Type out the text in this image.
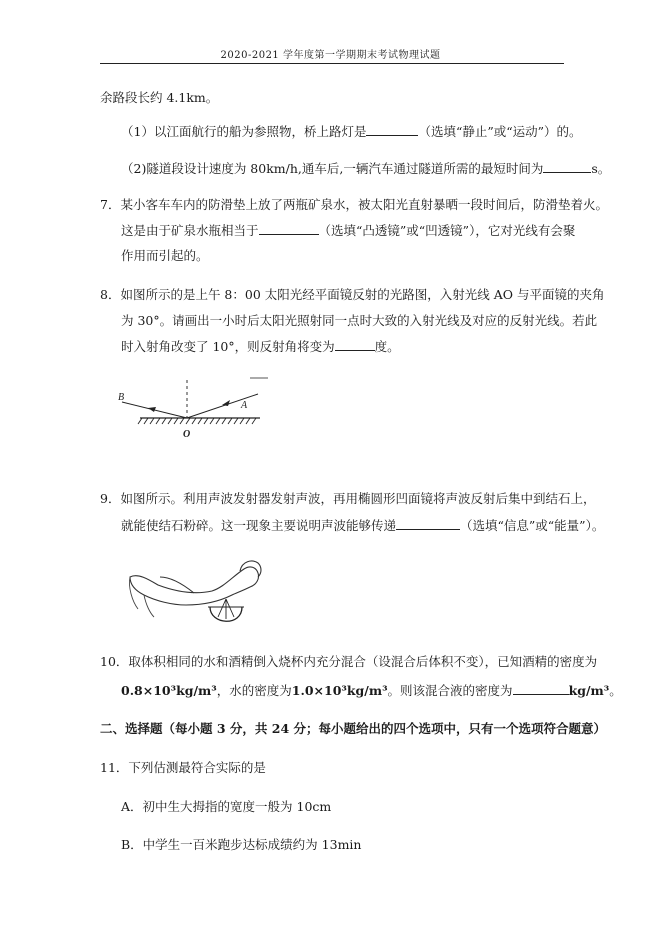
2020-2021 学年度第一学期期末考试物理试题
余路段长约 4.1km。
（1）以江面航行的船为参照物，桥上路灯是	（选填“静止”或“运动”）的。
（2)隧道段设计速度为 80km/h,通车后,一辆汽车通过隧道所需的最短时间为	s。
7．某小客车车内的防滑垫上放了两瓶矿泉水，被太阳光直射暴晒一段时间后，防滑垫着火。
这是由于矿泉水瓶相当于	（选填“凸透镜”或“凹透镜”），它对光线有会聚
作用而引起的。
8．如图所示的是上午 8：00 太阳光经平面镜反射的光路图，入射光线 AO 与平面镜的夹角
为 30°。请画出一小时后太阳光照射同一点时大致的入射光线及对应的反射光线。若此
时入射角改变了 10°，则反射角将变为	度。
B
A
O
9．如图所示。利用声波发射器发射声波，再用椭圆形凹面镜将声波反射后集中到结石上，
就能使结石粉碎。这一现象主要说明声波能够传递	（选填“信息”或“能量”）。
10．取体积相同的水和酒精倒入烧杯内充分混合（设混合后体积不变），已知酒精的密度为
0.8×10³kg/m³，水的密度为1.0×10³kg/m³。则该混合液的密度为	kg/m³。
二、选择题（每小题 3 分，共 24 分；每小题给出的四个选项中，只有一个选项符合题意）
11．下列估测最符合实际的是
A．初中生大拇指的宽度一般为 10cm
B．中学生一百米跑步达标成绩约为 13min
